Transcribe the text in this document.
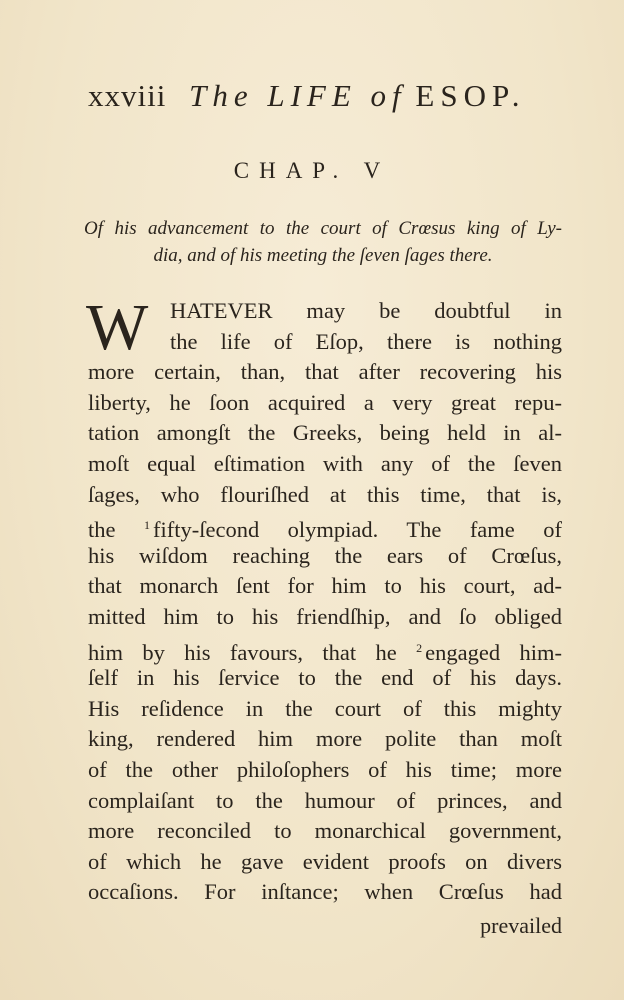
xxviii The LIFE of ESOP.
CHAP. V
Of his advancement to the court of Crœsus king of Ly-
dia, and of his meeting the ſeven ſages there.
W HATEVER may be doubtful in
the life of Eſop, there is nothing
more certain, than, that after recovering his
liberty, he ſoon acquired a very great repu-
tation amongſt the Greeks, being held in al-
moſt equal eſtimation with any of the ſeven
ſages, who flouriſhed at this time, that is,
the $^1$ fifty-ſecond olympiad. The fame of
his wiſdom reaching the ears of Crœſus,
that monarch ſent for him to his court, ad-
mitted him to his friendſhip, and ſo obliged
him by his favours, that he $^2$ engaged him-
ſelf in his ſervice to the end of his days.
His reſidence in the court of this mighty
king, rendered him more polite than moſt
of the other philoſophers of his time; more
complaiſant to the humour of princes, and
more reconciled to monarchical government,
of which he gave evident proofs on divers
occaſions. For inſtance; when Crœſus had
prevailed
